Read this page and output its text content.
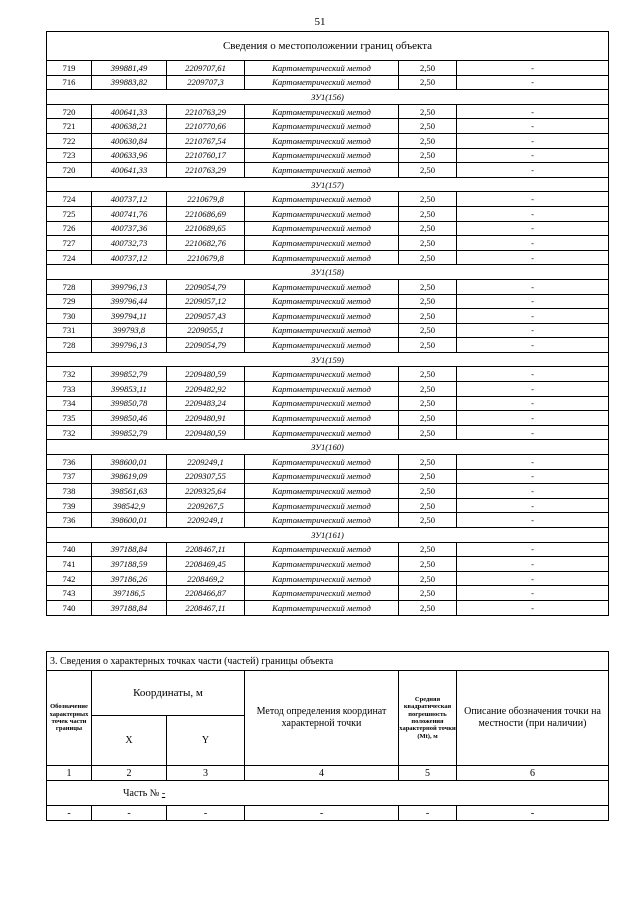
51
Сведения о местоположении границ объекта					
719	399881,49	2209707,61	Картометрический метод	2,50	-
716	399883,82	2209707,3	Картометрический метод	2,50	-
ЗУ1(156)					
720	400641,33	2210763,29	Картометрический метод	2,50	-
721	400638,21	2210770,66	Картометрический метод	2,50	-
722	400630,84	2210767,54	Картометрический метод	2,50	-
723	400633,96	2210760,17	Картометрический метод	2,50	-
720	400641,33	2210763,29	Картометрический метод	2,50	-
ЗУ1(157)					
724	400737,12	2210679,8	Картометрический метод	2,50	-
725	400741,76	2210686,69	Картометрический метод	2,50	-
726	400737,36	2210689,65	Картометрический метод	2,50	-
727	400732,73	2210682,76	Картометрический метод	2,50	-
724	400737,12	2210679,8	Картометрический метод	2,50	-
ЗУ1(158)					
728	399796,13	2209054,79	Картометрический метод	2,50	-
729	399796,44	2209057,12	Картометрический метод	2,50	-
730	399794,11	2209057,43	Картометрический метод	2,50	-
731	399793,8	2209055,1	Картометрический метод	2,50	-
728	399796,13	2209054,79	Картометрический метод	2,50	-
ЗУ1(159)					
732	399852,79	2209480,59	Картометрический метод	2,50	-
733	399853,11	2209482,92	Картометрический метод	2,50	-
734	399850,78	2209483,24	Картометрический метод	2,50	-
735	399850,46	2209480,91	Картометрический метод	2,50	-
732	399852,79	2209480,59	Картометрический метод	2,50	-
ЗУ1(160)					
736	398600,01	2209249,1	Картометрический метод	2,50	-
737	398619,09	2209307,55	Картометрический метод	2,50	-
738	398561,63	2209325,64	Картометрический метод	2,50	-
739	398542,9	2209267,5	Картометрический метод	2,50	-
736	398600,01	2209249,1	Картометрический метод	2,50	-
ЗУ1(161)					
740	397188,84	2208467,11	Картометрический метод	2,50	-
741	397188,59	2208469,45	Картометрический метод	2,50	-
742	397186,26	2208469,2	Картометрический метод	2,50	-
743	397186,5	2208466,87	Картометрический метод	2,50	-
740	397188,84	2208467,11	Картометрический метод	2,50	-
3. Сведения о характерных точках части (частей) границы объекта					
Обозначение характерных точек части границы	Координаты, м		Метод определения координат характерной точки	Средняя квадратическая погрешность положения характерной точки (Mt), м	Описание обозначения точки на местности (при наличии)
	X	Y			
1	2	3	4	5	6
Часть № -					
-	-	-	-	-	-
